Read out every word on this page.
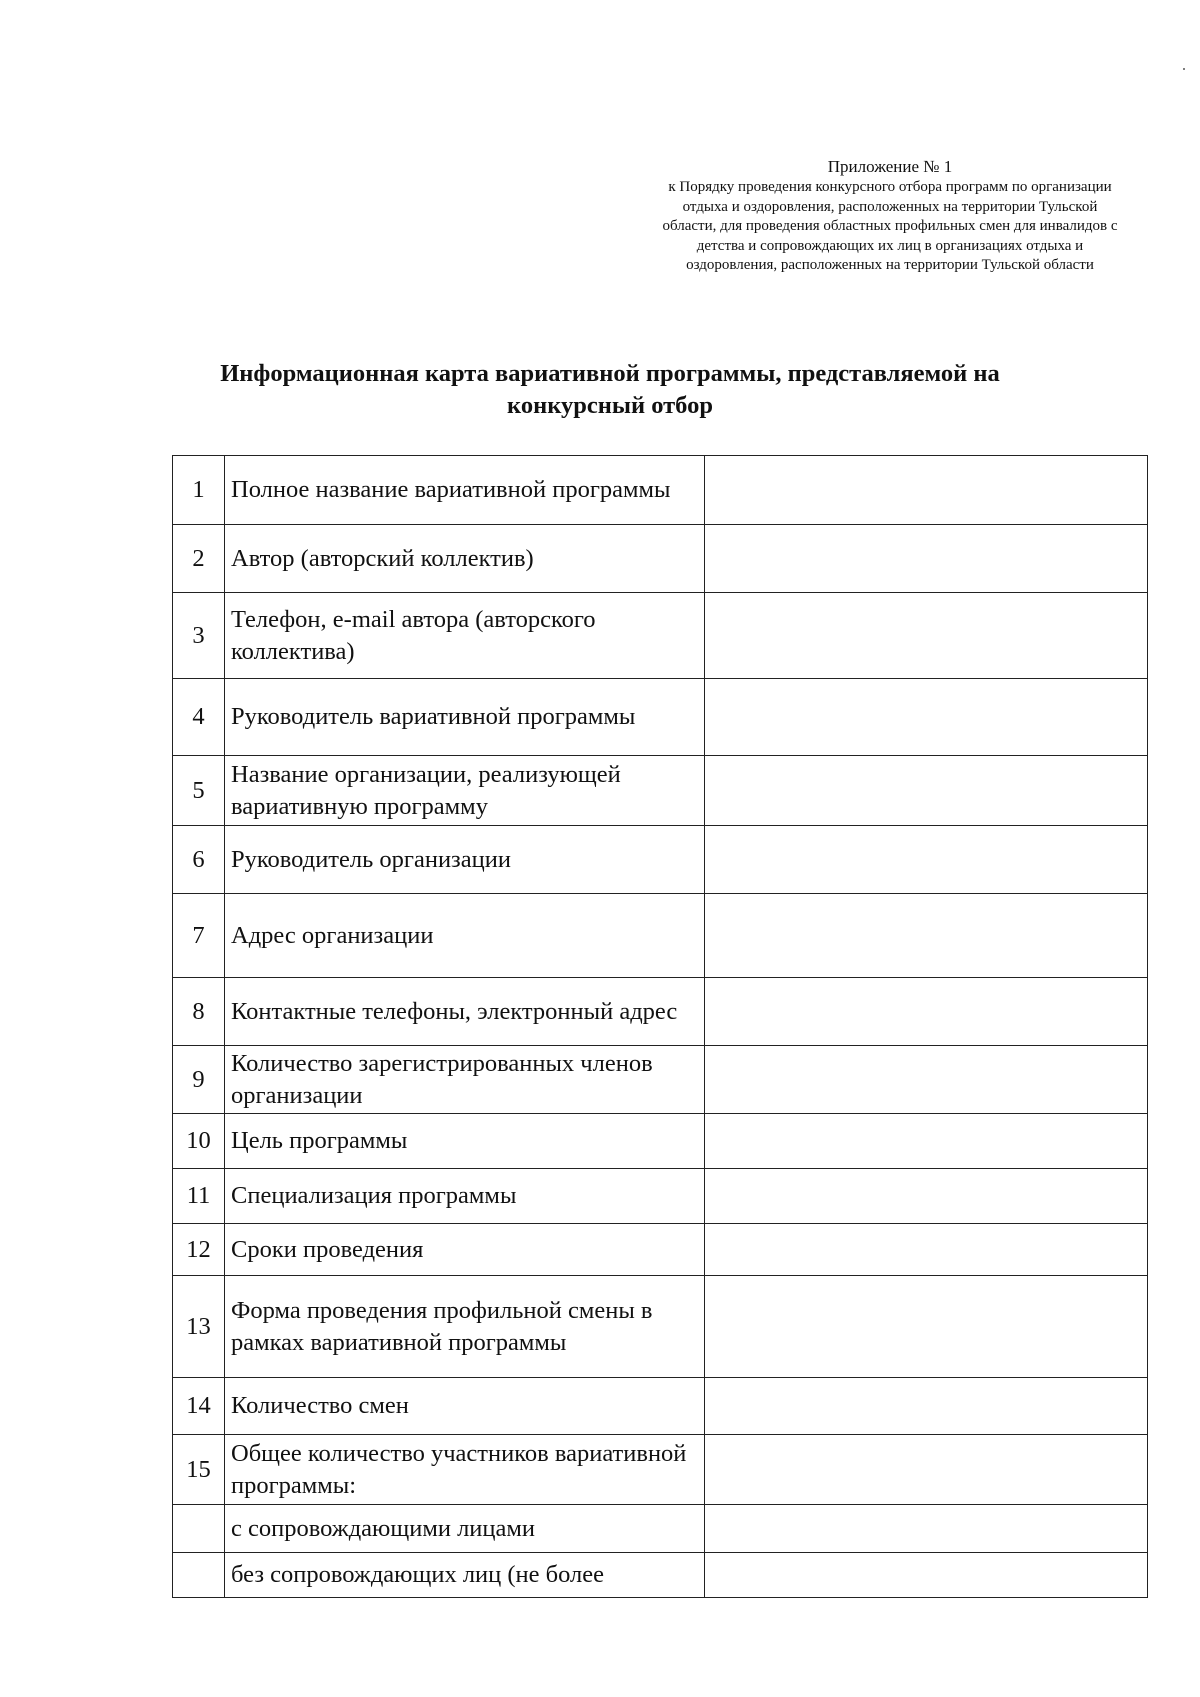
Приложение № 1
к Порядку проведения конкурсного отбора программ по организации отдыха и оздоровления, расположенных на территории Тульской области, для проведения областных профильных смен для инвалидов с детства и сопровождающих их лиц в организациях отдыха и оздоровления, расположенных на территории Тульской области
Информационная карта вариативной программы, представляемой на конкурсный отбор
1	Полное название вариативной программы	
2	Автор (авторский коллектив)	
3	Телефон, e-mail автора (авторского коллектива)	
4	Руководитель вариативной программы	
5	Название организации, реализующей вариативную программу	
6	Руководитель организации	
7	Адрес организации	
8	Контактные телефоны, электронный адрес	
9	Количество зарегистрированных членов организации	
10	Цель программы	
11	Специализация программы	
12	Сроки проведения	
13	Форма проведения профильной смены в рамках вариативной программы	
14	Количество смен	
15	Общее количество участников вариативной программы:	
	с сопровождающими лицами	
	без сопровождающих лиц (не более	
